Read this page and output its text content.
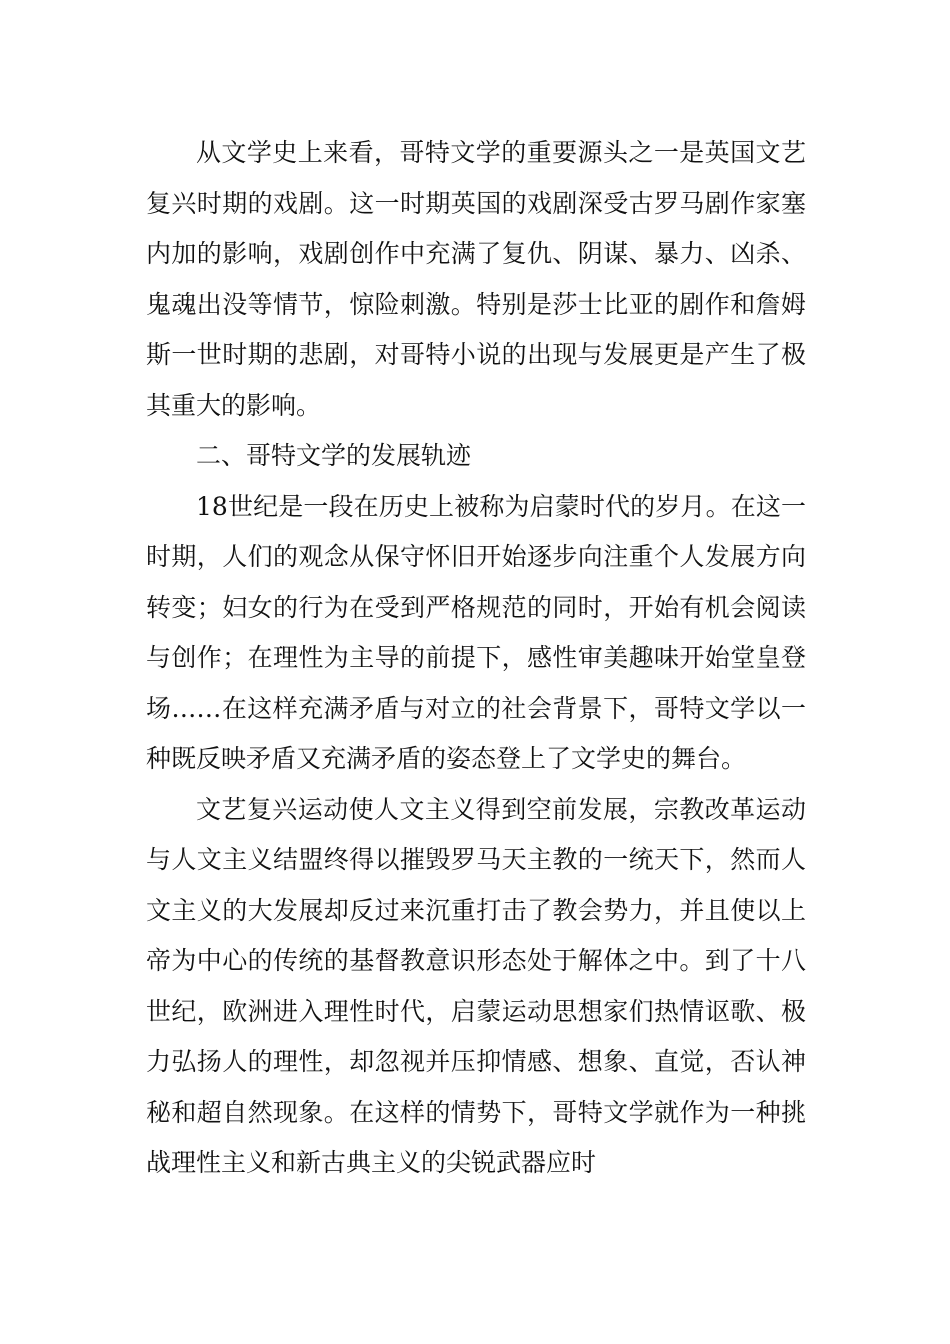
从文学史上来看，哥特文学的重要源头之一是英国文艺复兴时期的戏剧。这一时期英国的戏剧深受古罗马剧作家塞内加的影响，戏剧创作中充满了复仇、阴谋、暴力、凶杀、鬼魂出没等情节，惊险刺激。特别是莎士比亚的剧作和詹姆斯一世时期的悲剧，对哥特小说的出现与发展更是产生了极其重大的影响。

二、哥特文学的发展轨迹

18世纪是一段在历史上被称为启蒙时代的岁月。在这一时期，人们的观念从保守怀旧开始逐步向注重个人发展方向转变；妇女的行为在受到严格规范的同时，开始有机会阅读与创作；在理性为主导的前提下，感性审美趣味开始堂皇登场……在这样充满矛盾与对立的社会背景下，哥特文学以一种既反映矛盾又充满矛盾的姿态登上了文学史的舞台。

文艺复兴运动使人文主义得到空前发展，宗教改革运动与人文主义结盟终得以摧毁罗马天主教的一统天下，然而人文主义的大发展却反过来沉重打击了教会势力，并且使以上帝为中心的传统的基督教意识形态处于解体之中。到了十八世纪，欧洲进入理性时代，启蒙运动思想家们热情讴歌、极力弘扬人的理性，却忽视并压抑情感、想象、直觉，否认神秘和超自然现象。在这样的情势下，哥特文学就作为一种挑战理性主义和新古典主义的尖锐武器应时
